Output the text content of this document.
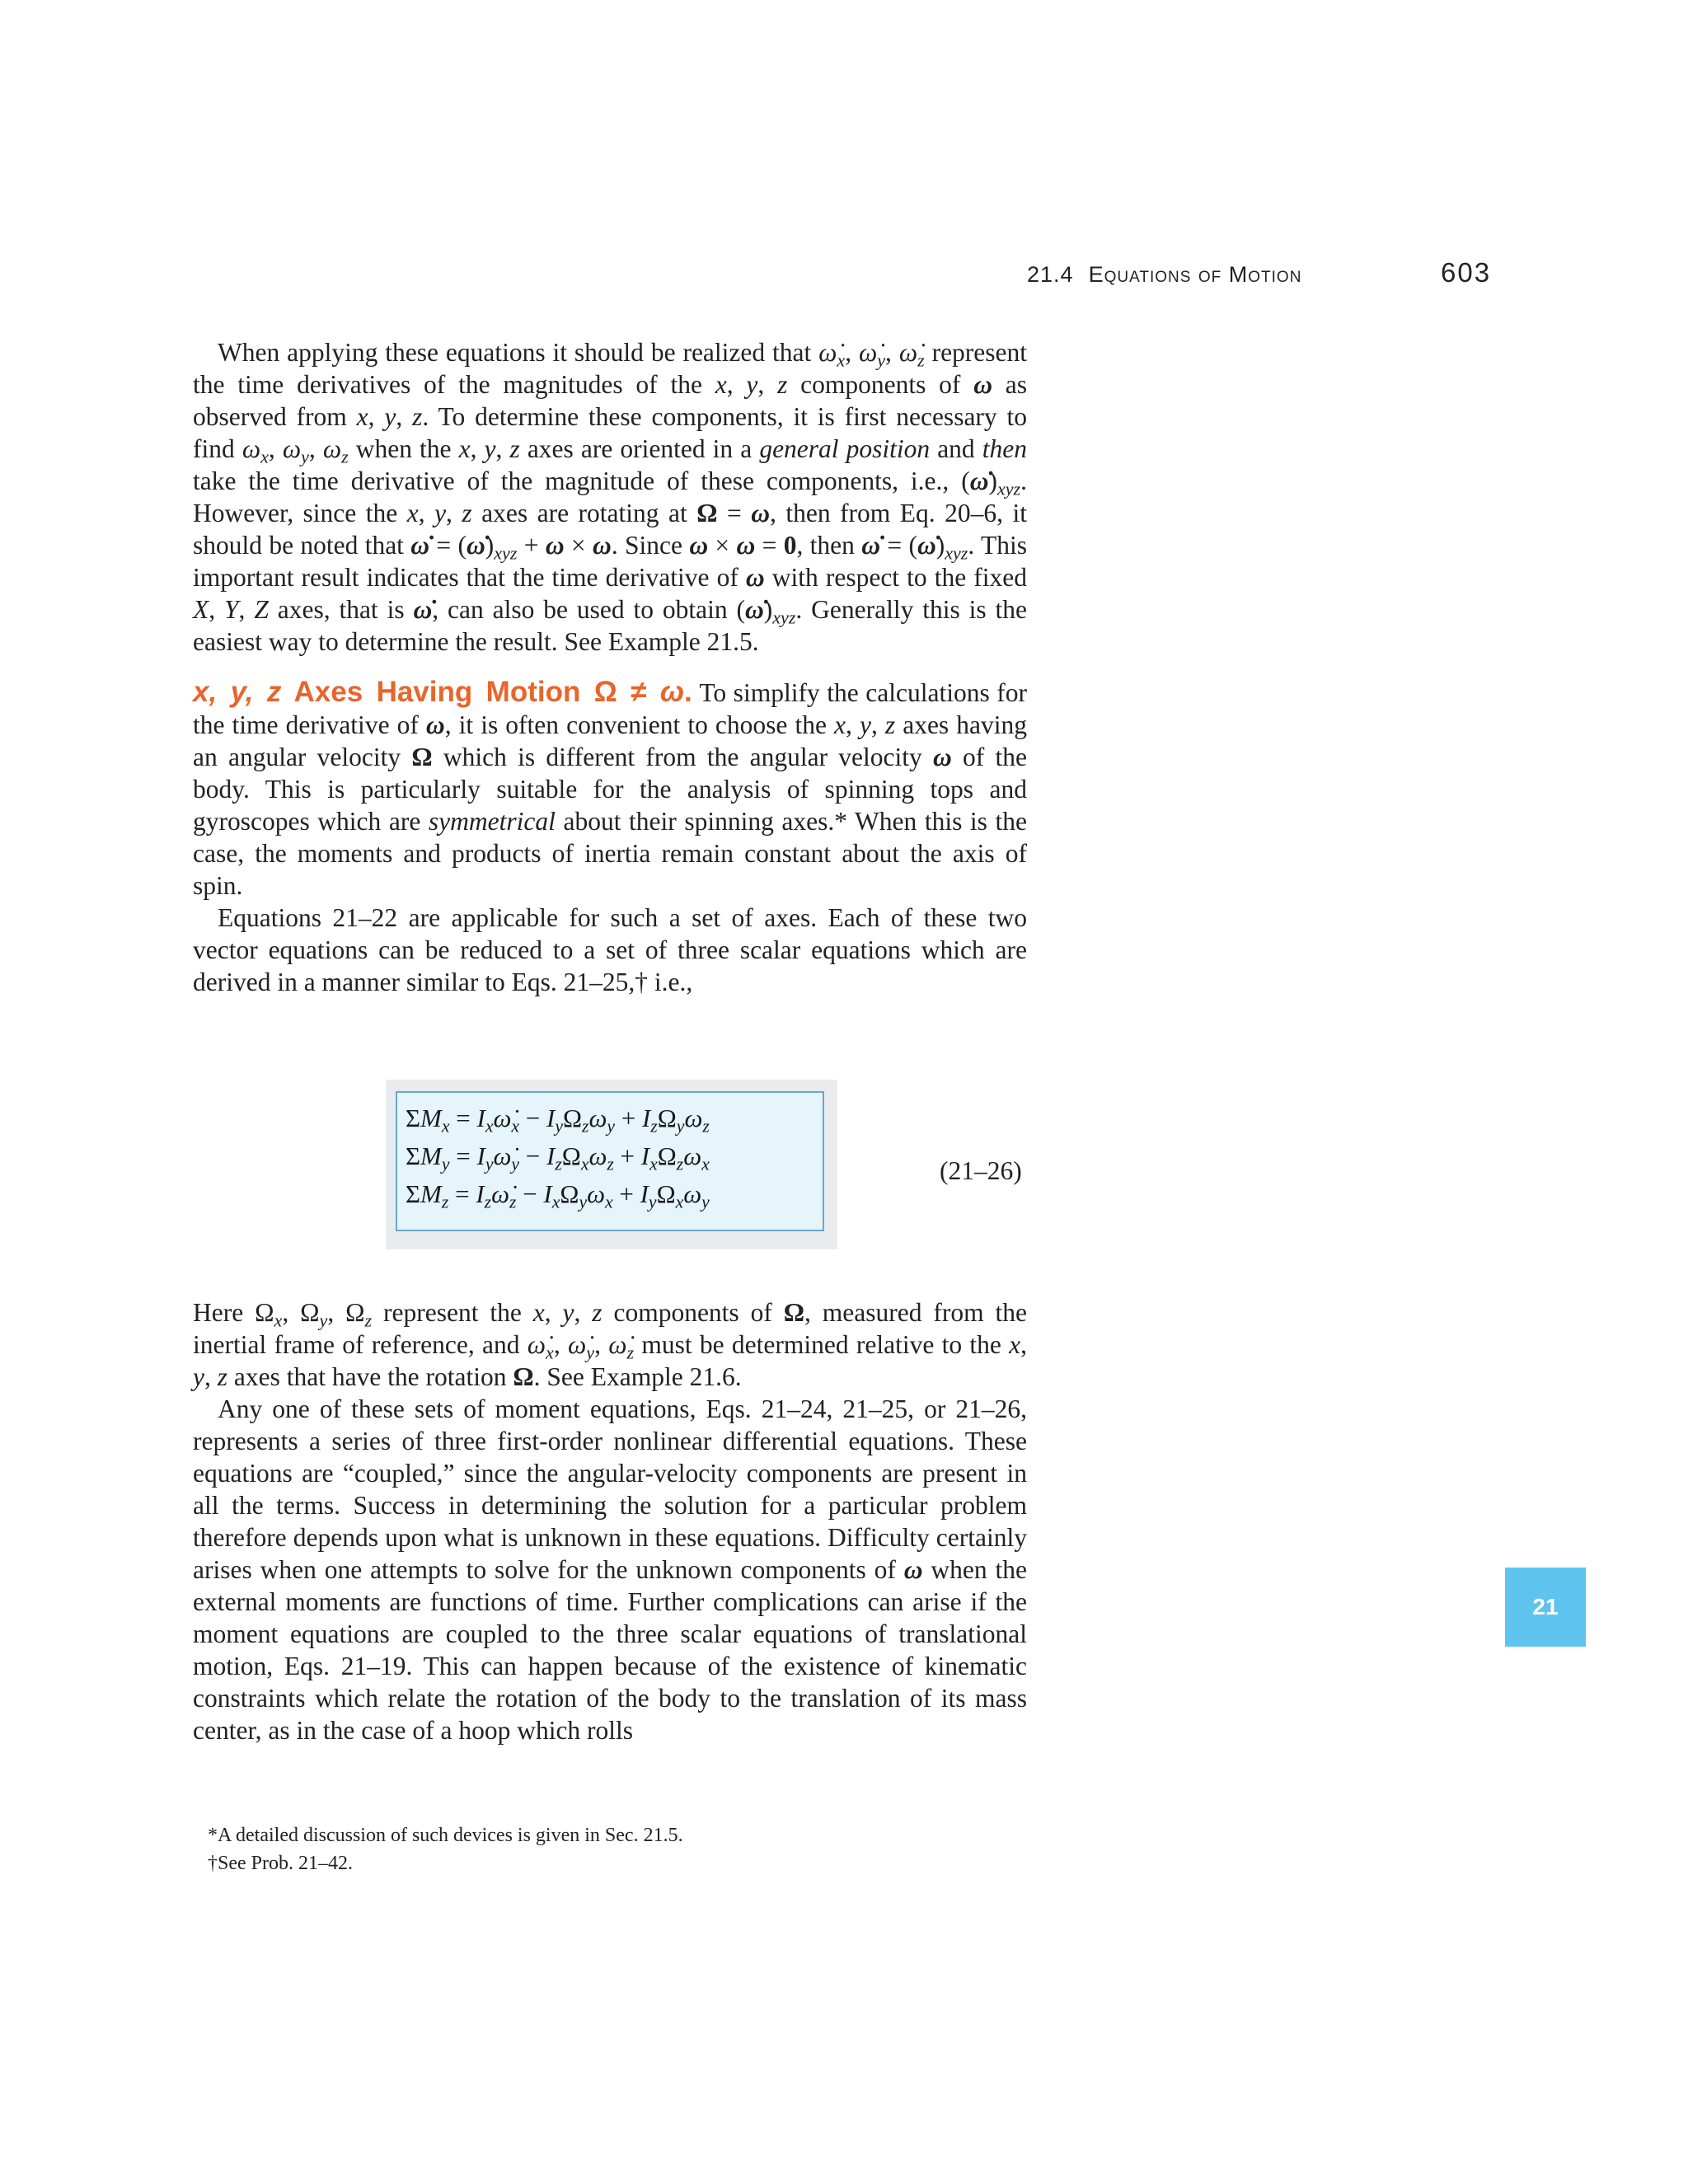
21.4 Equations of Motion	603

When applying these equations it should be realized that $\omegȧ_x$, $\omegȧ_y$, $\omegȧ_z$ represent the time derivatives of the magnitudes of the x, y, z components of ω as observed from x, y, z. To determine these components, it is first necessary to find $\omega_x$, $\omega_y$, $\omega_z$ when the x, y, z axes are oriented in a general position and then take the time derivative of the magnitude of these components, i.e., $(\omegȧ)_{xyz}$. However, since the x, y, z axes are rotating at Ω = ω, then from Eq. 20–6, it should be noted that ω̇ = $(\omegȧ)_{xyz} + \omega \times \omega$. Since ω × ω = 0, then ω̇ = $(\omegȧ)_{xyz}$. This important result indicates that the time derivative of ω with respect to the fixed X, Y, Z axes, that is ω̇, can also be used to obtain $(\omegȧ)_{xyz}$. Generally this is the easiest way to determine the result. See Example 21.5.

x, y, z Axes Having Motion Ω ≠ ω. To simplify the calculations for the time derivative of ω, it is often convenient to choose the x, y, z axes having an angular velocity Ω which is different from the angular velocity ω of the body. This is particularly suitable for the analysis of spinning tops and gyroscopes which are symmetrical about their spinning axes.* When this is the case, the moments and products of inertia remain constant about the axis of spin.

Equations 21–22 are applicable for such a set of axes. Each of these two vector equations can be reduced to a set of three scalar equations which are derived in a manner similar to Eqs. 21–25,† i.e.,

$\Sigma M_x$ = $I_x\omegȧ_x - I_y\Omega_z\omega_y + I_z\Omega_y\omega_z$
$\Sigma M_y$ = $I_y\omegȧ_y - I_z\Omega_x\omega_z + I_x\Omega_z\omega_x$
$\Sigma M_z$ = $I_z\omegȧ_z - I_x\Omega_y\omega_x + I_y\Omega_x\omega_y$
(21–26)

Here $\Omega_x$, $\Omega_y$, $\Omega_z$ represent the x, y, z components of Ω, measured from the inertial frame of reference, and $\omegȧ_x$, $\omegȧ_y$, $\omegȧ_z$ must be determined relative to the x, y, z axes that have the rotation Ω. See Example 21.6.

Any one of these sets of moment equations, Eqs. 21–24, 21–25, or 21–26, represents a series of three first-order nonlinear differential equations. These equations are “coupled,” since the angular-velocity components are present in all the terms. Success in determining the solution for a particular problem therefore depends upon what is unknown in these equations. Difficulty certainly arises when one attempts to solve for the unknown components of ω when the external moments are functions of time. Further complications can arise if the moment equations are coupled to the three scalar equations of translational motion, Eqs. 21–19. This can happen because of the existence of kinematic constraints which relate the rotation of the body to the translation of its mass center, as in the case of a hoop which rolls

*A detailed discussion of such devices is given in Sec. 21.5.
†See Prob. 21–42.
21
